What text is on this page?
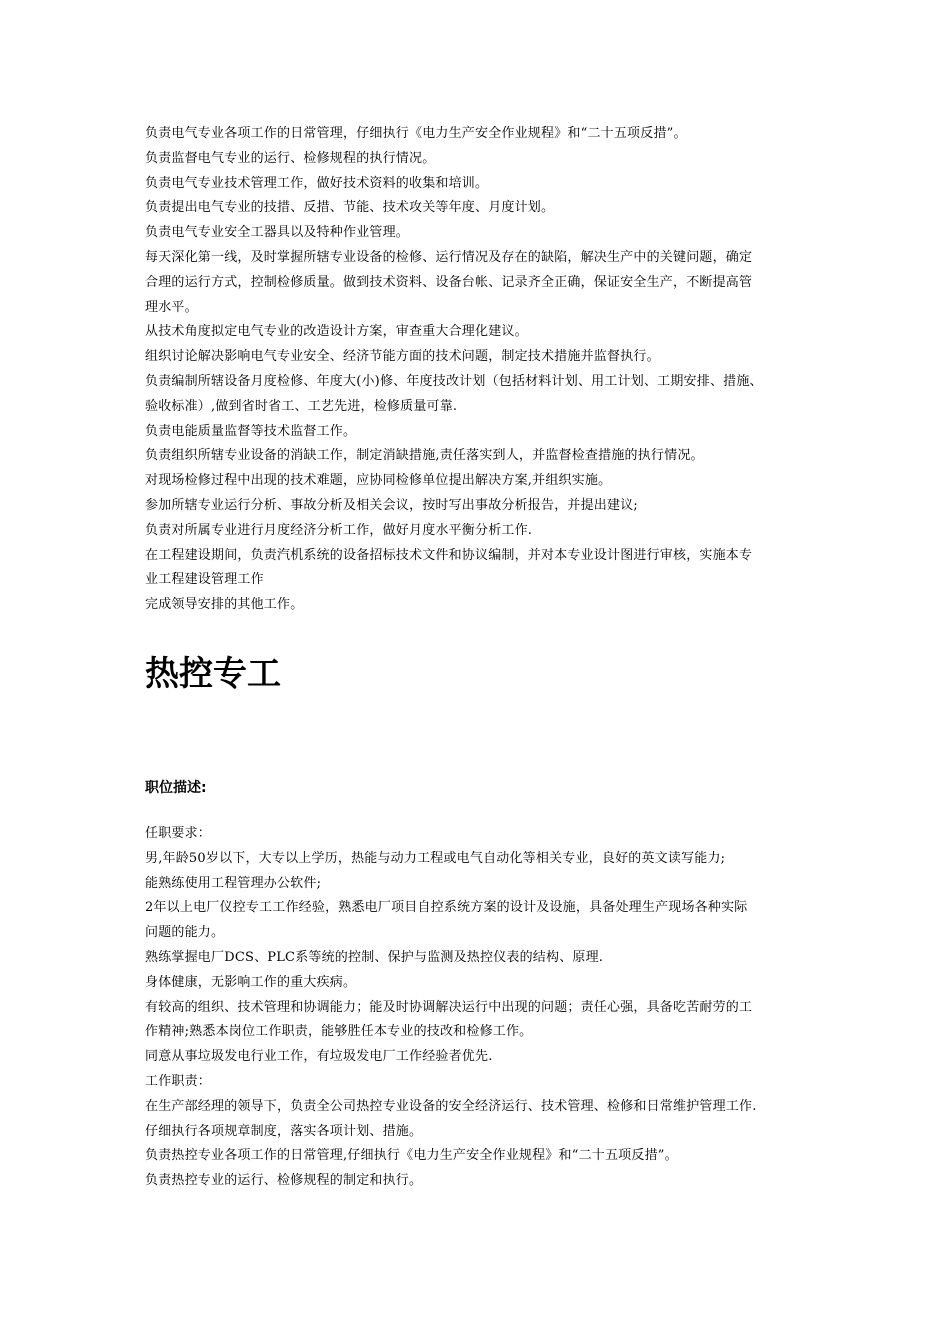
负责电气专业各项工作的日常管理，仔细执行《电力生产安全作业规程》和“二十五项反措”。

负责监督电气专业的运行、检修规程的执行情况。

负责电气专业技术管理工作，做好技术资料的收集和培训。

负责提出电气专业的技措、反措、节能、技术攻关等年度、月度计划。

负责电气专业安全工器具以及特种作业管理。

每天深化第一线，及时掌握所辖专业设备的检修、运行情况及存在的缺陷，解决生产中的关键问题，确定

合理的运行方式，控制检修质量。做到技术资料、设备台帐、记录齐全正确，保证安全生产，不断提高管

理水平。

从技术角度拟定电气专业的改造设计方案，审查重大合理化建议。

组织讨论解决影响电气专业安全、经济节能方面的技术问题，制定技术措施并监督执行。

负责编制所辖设备月度检修、年度大(小)修、年度技改计划（包括材料计划、用工计划、工期安排、措施、

验收标准）,做到省时省工、工艺先进，检修质量可靠.

负责电能质量监督等技术监督工作。

负责组织所辖专业设备的消缺工作，制定消缺措施,责任落实到人，并监督检查措施的执行情况。

对现场检修过程中出现的技术难题，应协同检修单位提出解决方案,并组织实施。

参加所辖专业运行分析、事故分析及相关会议，按时写出事故分析报告，并提出建议;

负责对所属专业进行月度经济分析工作，做好月度水平衡分析工作.

在工程建设期间，负责汽机系统的设备招标技术文件和协议编制，并对本专业设计图进行审核，实施本专

业工程建设管理工作

完成领导安排的其他工作。

热控专工
职位描述:

任职要求：

男,年龄50岁以下，大专以上学历，热能与动力工程或电气自动化等相关专业，良好的英文读写能力;

能熟练使用工程管理办公软件;

2年以上电厂仪控专工工作经验，熟悉电厂项目自控系统方案的设计及设施，具备处理生产现场各种实际

问题的能力。

熟练掌握电厂DCS、PLC系等统的控制、保护与监测及热控仪表的结构、原理.

身体健康，无影响工作的重大疾病。

有较高的组织、技术管理和协调能力；能及时协调解决运行中出现的问题；责任心强，具备吃苦耐劳的工

作精神;熟悉本岗位工作职责，能够胜任本专业的技改和检修工作。

同意从事垃圾发电行业工作，有垃圾发电厂工作经验者优先.

工作职责：

在生产部经理的领导下，负责全公司热控专业设备的安全经济运行、技术管理、检修和日常维护管理工作.

仔细执行各项规章制度，落实各项计划、措施。

负责热控专业各项工作的日常管理,仔细执行《电力生产安全作业规程》和“二十五项反措”。

负责热控专业的运行、检修规程的制定和执行。
